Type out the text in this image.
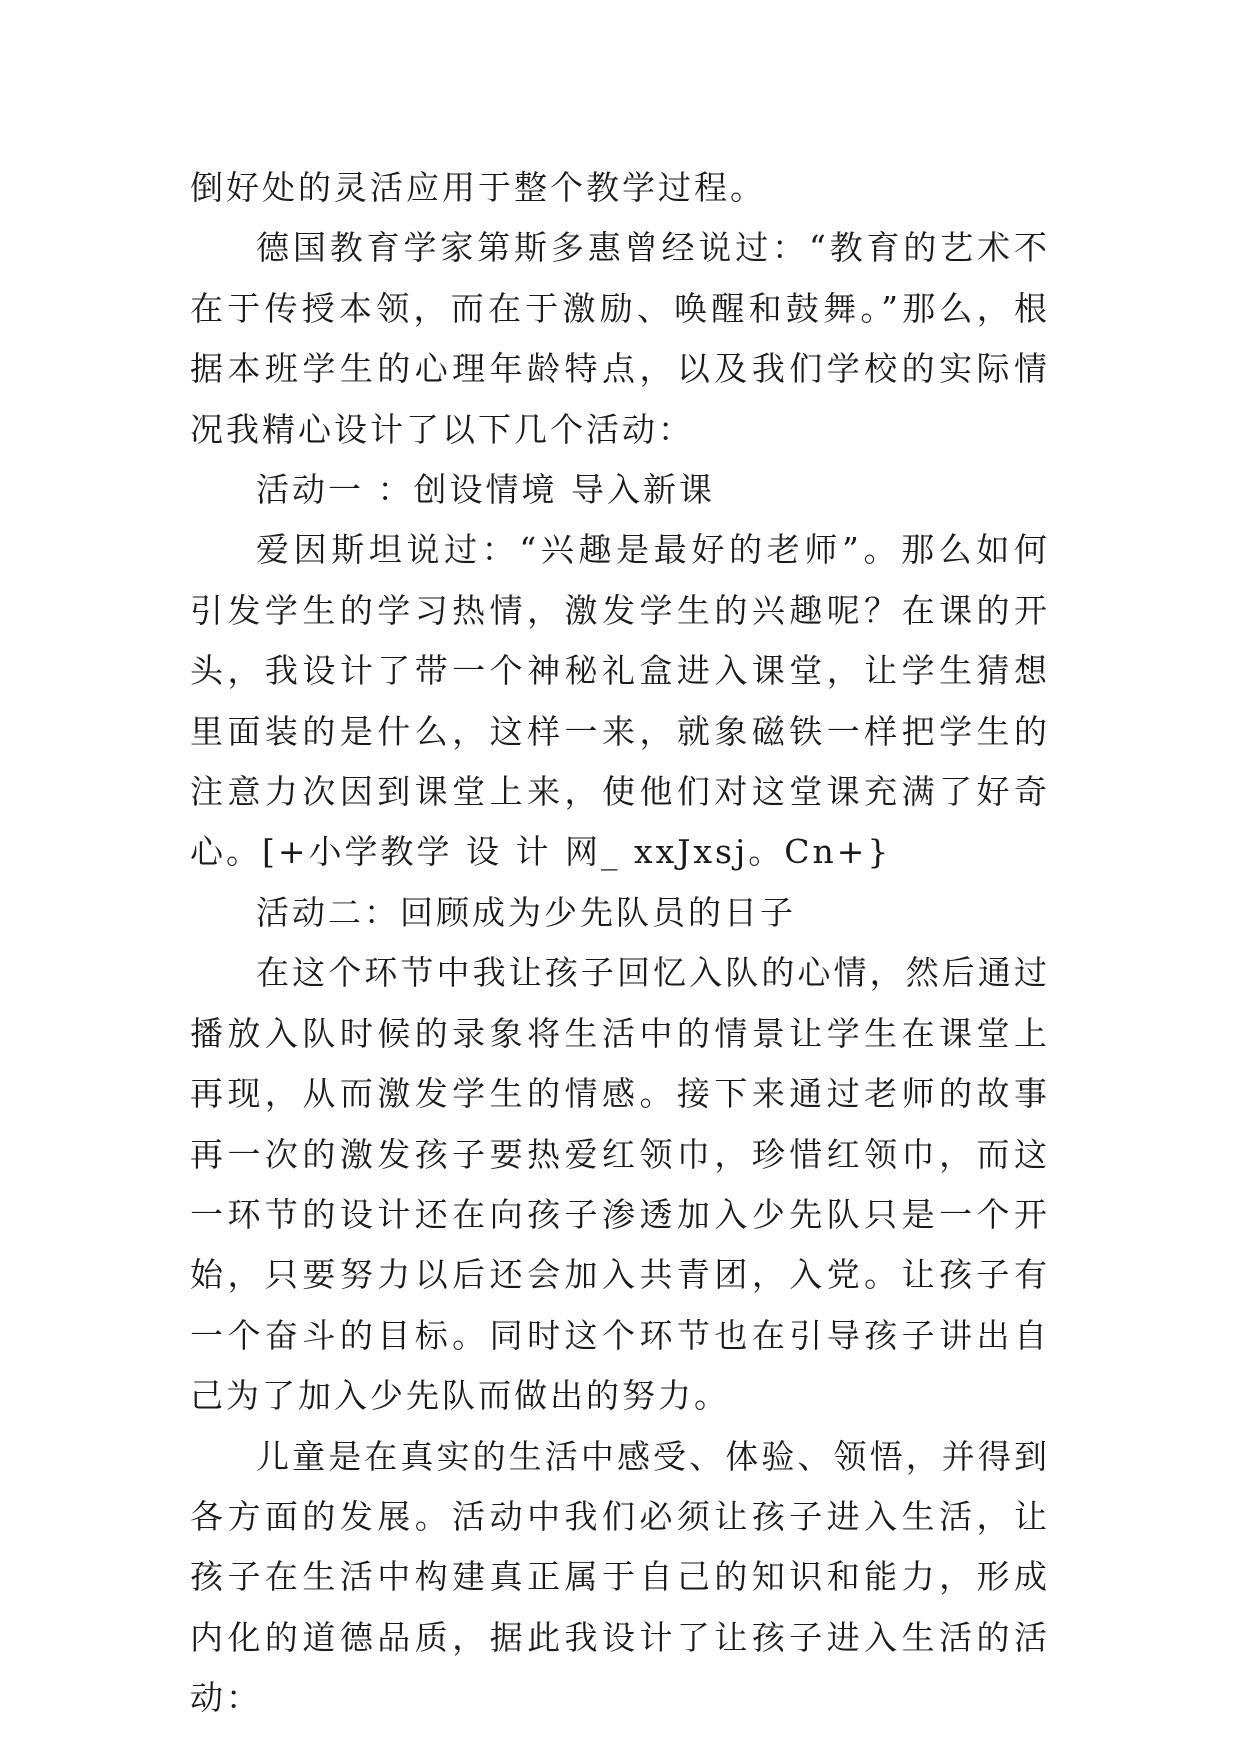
倒好处的灵活应用于整个教学过程。

德国教育学家第斯多惠曾经说过：“教育的艺术不在于传授本领，而在于激励、唤醒和鼓舞。”那么，根据本班学生的心理年龄特点，以及我们学校的实际情况我精心设计了以下几个活动：

活动一 ：创设情境 导入新课

爱因斯坦说过：“兴趣是最好的老师”。那么如何引发学生的学习热情，激发学生的兴趣呢？在课的开头，我设计了带一个神秘礼盒进入课堂，让学生猜想里面装的是什么，这样一来，就象磁铁一样把学生的注意力次因到课堂上来，使他们对这堂课充满了好奇心。[+小学教学 设 计 网_ xxJxsj。Cn+}

活动二：回顾成为少先队员的日子

在这个环节中我让孩子回忆入队的心情，然后通过播放入队时候的录象将生活中的情景让学生在课堂上再现，从而激发学生的情感。接下来通过老师的故事再一次的激发孩子要热爱红领巾，珍惜红领巾，而这一环节的设计还在向孩子渗透加入少先队只是一个开始，只要努力以后还会加入共青团，入党。让孩子有一个奋斗的目标。同时这个环节也在引导孩子讲出自己为了加入少先队而做出的努力。

儿童是在真实的生活中感受、体验、领悟，并得到各方面的发展。活动中我们必须让孩子进入生活，让孩子在生活中构建真正属于自己的知识和能力，形成内化的道德品质，据此我设计了让孩子进入生活的活动：
